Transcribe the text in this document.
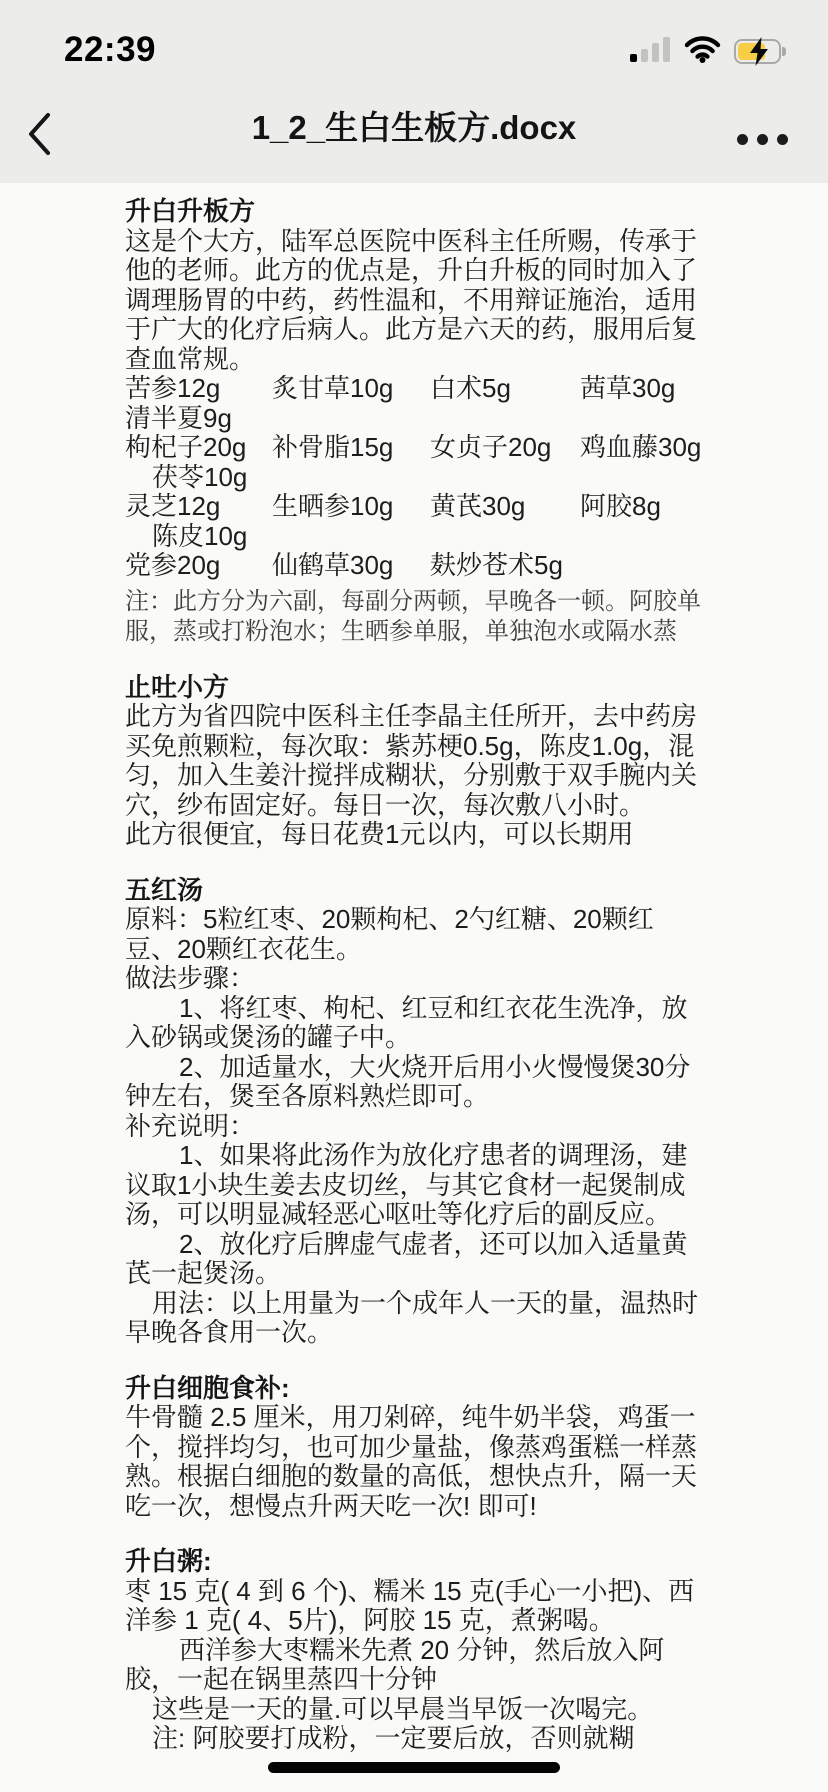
22:39
1_2_生白生板方.docx
升白升板方
这是个大方，陆军总医院中医科主任所赐，传承于他的老师。此方的优点是，升白升板的同时加入了调理肠胃的中药，药性温和，不用辩证施治，适用于广大的化疗后病人。此方是六天的药，服用后复查血常规。
苦参12g 炙甘草10g 白术5g	茜草30g
清半夏9g
枸杞子20g 补骨脂15g 女贞子20g 鸡血藤30g
茯苓10g
灵芝12g 生晒参10g 黄芪30g 阿胶8g
陈皮10g
党参20g 仙鹤草30g 麸炒苍术5g
注：此方分为六副，每副分两顿，早晚各一顿。阿胶单服，蒸或打粉泡水；生晒参单服，单独泡水或隔水蒸
止吐小方
此方为省四院中医科主任李晶主任所开，去中药房买免煎颗粒，每次取：紫苏梗0.5g，陈皮1.0g，混匀，加入生姜汁搅拌成糊状，分别敷于双手腕内关穴，纱布固定好。每日一次，每次敷八小时。
此方很便宜，每日花费1元以内，可以长期用
五红汤
原料：5粒红枣、20颗枸杞、2勺红糖、20颗红豆、20颗红衣花生。
做法步骤：
1、将红枣、枸杞、红豆和红衣花生洗净，放入砂锅或煲汤的罐子中。
2、加适量水，大火烧开后用小火慢慢煲30分钟左右，煲至各原料熟烂即可。
补充说明：
1、如果将此汤作为放化疗患者的调理汤，建议取1小块生姜去皮切丝，与其它食材一起煲制成汤，可以明显减轻恶心呕吐等化疗后的副反应。
2、放化疗后脾虚气虚者，还可以加入适量黄芪一起煲汤。
用法：以上用量为一个成年人一天的量，温热时早晚各食用一次。
升白细胞食补:
牛骨髓 2.5 厘米，用刀剁碎，纯牛奶半袋，鸡蛋一个，搅拌均匀，也可加少量盐，像蒸鸡蛋糕一样蒸熟。根据白细胞的数量的高低，想快点升，隔一天吃一次，想慢点升两天吃一次! 即可!
升白粥:
枣 15 克( 4 到 6 个)、糯米 15 克(手心一小把)、西洋参 1 克( 4、5片)，阿胶 15 克，煮粥喝。
西洋参大枣糯米先煮 20 分钟，然后放入阿胶，一起在锅里蒸四十分钟
这些是一天的量.可以早晨当早饭一次喝完。
注: 阿胶要打成粉，一定要后放，否则就糊
